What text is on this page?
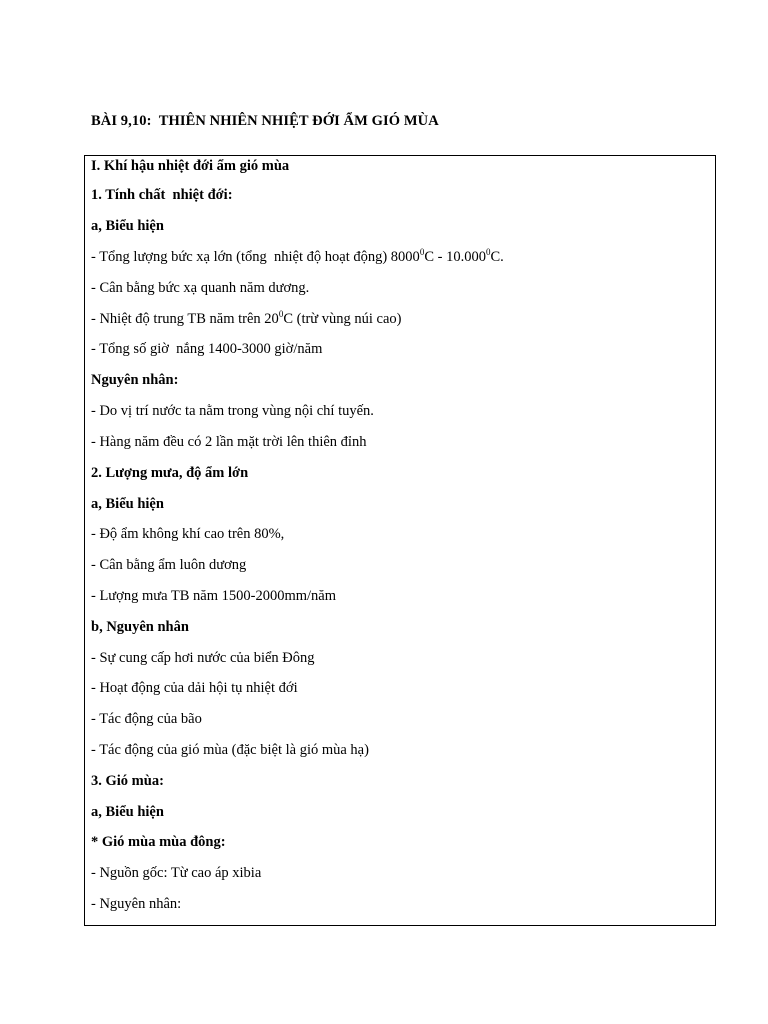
BÀI 9,10:  THIÊN NHIÊN NHIỆT ĐỚI ẨM GIÓ MÙA
I. Khí hậu nhiệt đới ẩm gió mùa
1. Tính chất  nhiệt đới:
a, Biểu hiện
- Tổng lượng bức xạ lớn (tổng  nhiệt độ hoạt động) 8000$^0$C - 10.000$^0$C.
- Cân bằng bức xạ quanh năm dương.
- Nhiệt độ trung TB năm trên $20^0C$ (trừ vùng núi cao)
- Tổng số giờ  nắng 1400-3000 giờ/năm
Nguyên nhân:
- Do vị trí nước ta nằm trong vùng nội chí tuyến.
- Hàng năm đều có 2 lần mặt trời lên thiên đỉnh
2. Lượng mưa, độ ẩm lớn
a, Biểu hiện
- Độ ẩm không khí cao trên 80%,
- Cân bằng ẩm luôn dương
- Lượng mưa TB năm 1500-2000mm/năm
b, Nguyên nhân
- Sự cung cấp hơi nước của biển Đông
- Hoạt động của dải hội tụ nhiệt đới
- Tác động của bão
- Tác động của gió mùa (đặc biệt là gió mùa hạ)
3. Gió mùa:
a, Biểu hiện
* Gió mùa mùa đông:
- Nguồn gốc: Từ cao áp xibia
- Nguyên nhân:
